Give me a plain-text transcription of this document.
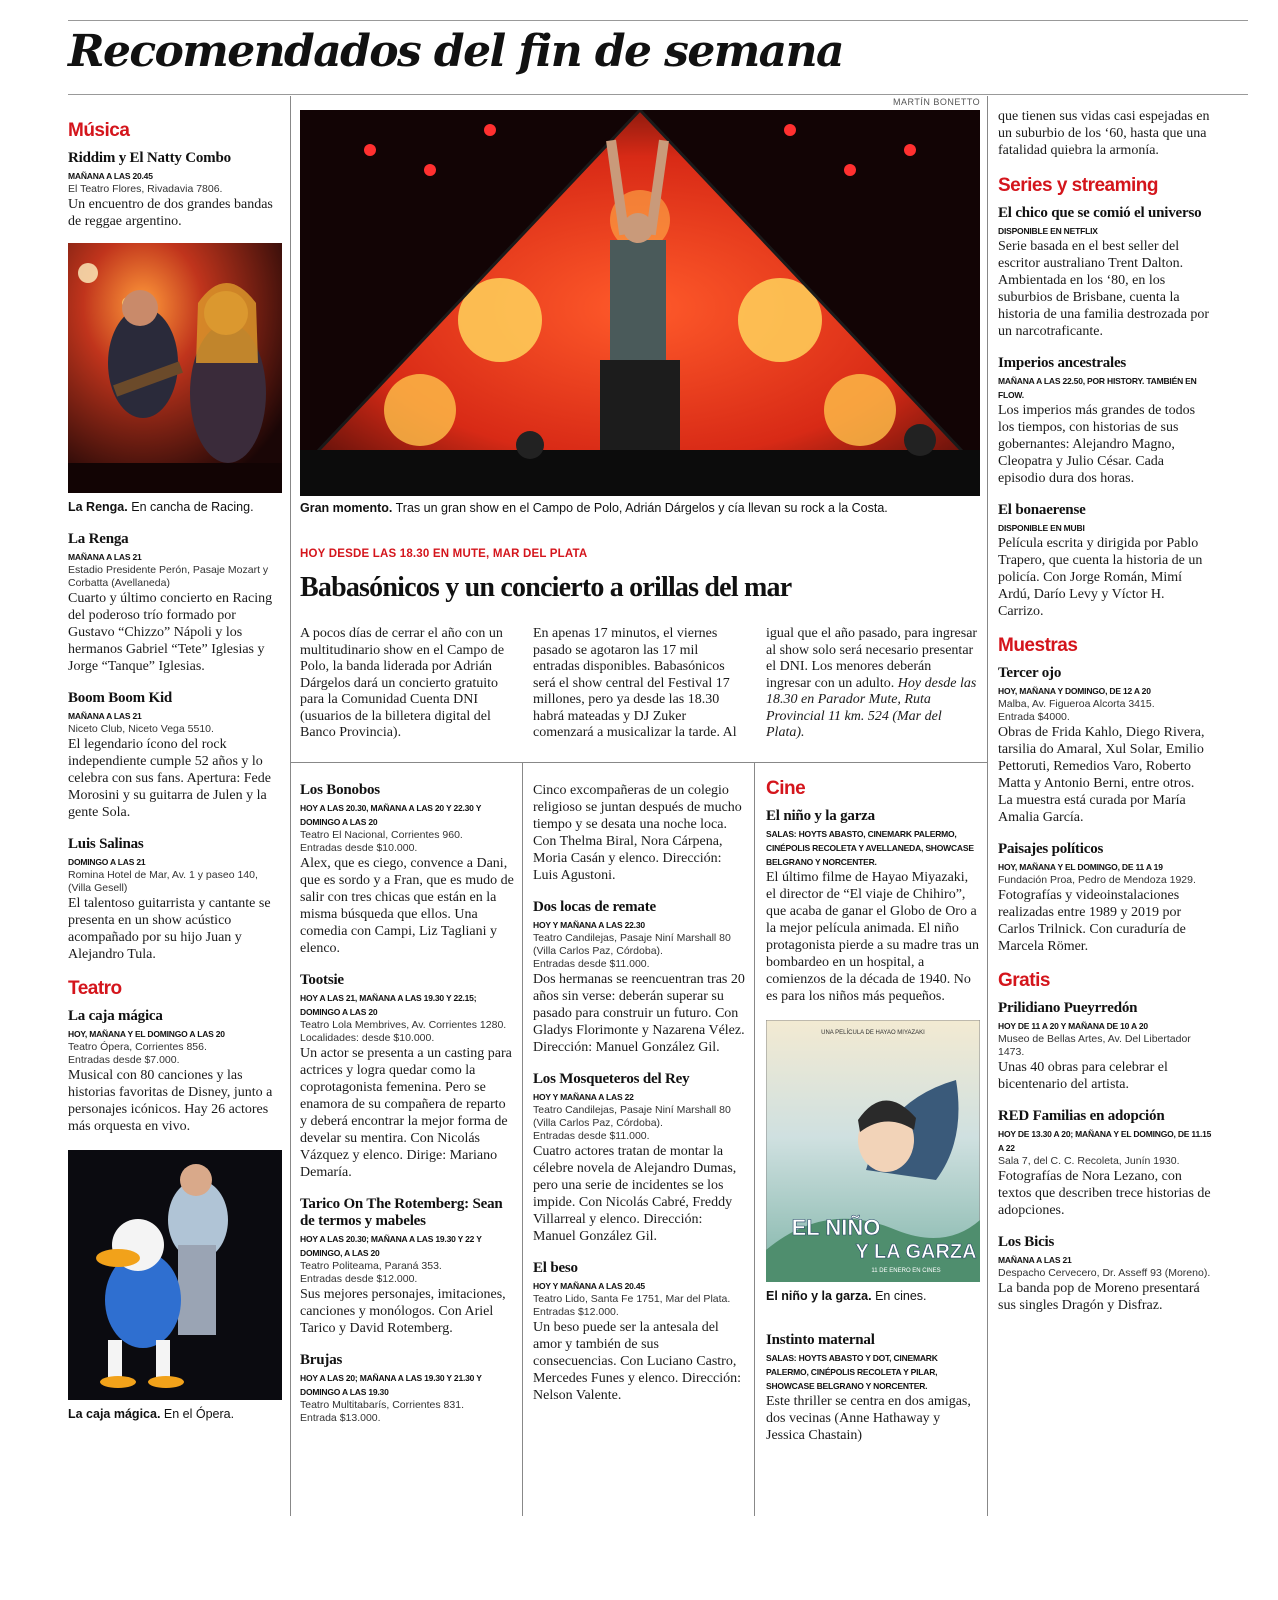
Recomendados del fin de semana
Música
Riddim y El Natty Combo
MAÑANA A LAS 20.45
El Teatro Flores, Rivadavia 7806.
Un encuentro de dos grandes bandas de reggae argentino.

La Renga. En cancha de Racing.

La Renga
MAÑANA A LAS 21
Estadio Presidente Perón, Pasaje Mozart y Corbatta (Avellaneda)
Cuarto y último concierto en Racing del poderoso trío formado por Gustavo “Chizzo” Nápoli y los hermanos Gabriel “Tete” Iglesias y Jorge “Tanque” Iglesias.
Boom Boom Kid
MAÑANA A LAS 21
Niceto Club, Niceto Vega 5510.
El legendario ícono del rock independiente cumple 52 años y lo celebra con sus fans. Apertura: Fede Morosini y su guitarra de Julen y la gente Sola.
Luis Salinas
DOMINGO A LAS 21
Romina Hotel de Mar, Av. 1 y paseo 140, (Villa Gesell)
El talentoso guitarrista y cantante se presenta en un show acústico acompañado por su hijo Juan y Alejandro Tula.
Teatro
La caja mágica
HOY, MAÑANA Y EL DOMINGO A LAS 20
Teatro Ópera, Corrientes 856.
Entradas desde $7.000.
Musical con 80 canciones y las historias favoritas de Disney, junto a personajes icónicos. Hay 26 actores más orquesta en vivo.

La caja mágica. En el Ópera.

MARTÍN BONETTO

Gran momento. Tras un gran show en el Campo de Polo, Adrián Dárgelos y cía llevan su rock a la Costa.

HOY DESDE LAS 18.30 EN MUTE, MAR DEL PLATA
Babasónicos y un concierto a orillas del mar
A pocos días de cerrar el año con un multitudinario show en el Campo de Polo, la banda liderada por Adrián Dárgelos dará un concierto gratuito para la Comunidad Cuenta DNI (usuarios de la billetera digital del Banco Provincia).
En apenas 17 minutos, el viernes pasado se agotaron las 17 mil entradas disponibles. Babasónicos será el show central del Festival 17 millones, pero ya desde las 18.30 habrá mateadas y DJ Zuker comenzará a musicalizar la tarde. Al
igual que el año pasado, para ingresar al show solo será necesario presentar el DNI. Los menores deberán ingresar con un adulto. Hoy desde las 18.30 en Parador Mute, Ruta Provincial 11 km. 524 (Mar del Plata).
Los Bonobos
HOY A LAS 20.30, MAÑANA A LAS 20 Y 22.30 Y DOMINGO A LAS 20
Teatro El Nacional, Corrientes 960.
Entradas desde $10.000.
Alex, que es ciego, convence a Dani, que es sordo y a Fran, que es mudo de salir con tres chicas que están en la misma búsqueda que ellos. Una comedia con Campi, Liz Tagliani y elenco.
Tootsie
HOY A LAS 21, MAÑANA A LAS 19.30 Y 22.15; DOMINGO A LAS 20
Teatro Lola Membrives, Av. Corrientes 1280. Localidades: desde $10.000.
Un actor se presenta a un casting para actrices y logra quedar como la coprotagonista femenina. Pero se enamora de su compañera de reparto y deberá encontrar la mejor forma de develar su mentira. Con Nicolás Vázquez y elenco. Dirige: Mariano Demaría.
Tarico On The Rotemberg: Sean de termos y mabeles
HOY A LAS 20.30; MAÑANA A LAS 19.30 Y 22 Y DOMINGO, A LAS 20
Teatro Politeama, Paraná 353.
Entradas desde $12.000.
Sus mejores personajes, imitaciones, canciones y monólogos. Con Ariel Tarico y David Rotemberg.
Brujas
HOY A LAS 20; MAÑANA A LAS 19.30 Y 21.30 Y DOMINGO A LAS 19.30
Teatro Multitabarís, Corrientes 831.
Entrada $13.000.
Cinco excompañeras de un colegio religioso se juntan después de mucho tiempo y se desata una noche loca. Con Thelma Biral, Nora Cárpena, Moria Casán y elenco. Dirección: Luis Agustoni.
Dos locas de remate
HOY Y MAÑANA A LAS 22.30
Teatro Candilejas, Pasaje Niní Marshall 80 (Villa Carlos Paz, Córdoba).
Entradas desde $11.000.
Dos hermanas se reencuentran tras 20 años sin verse: deberán superar su pasado para construir un futuro. Con Gladys Florimonte y Nazarena Vélez. Dirección: Manuel González Gil.
Los Mosqueteros del Rey
HOY Y MAÑANA A LAS 22
Teatro Candilejas, Pasaje Niní Marshall 80 (Villa Carlos Paz, Córdoba).
Entradas desde $11.000.
Cuatro actores tratan de montar la célebre novela de Alejandro Dumas, pero una serie de incidentes se los impide. Con Nicolás Cabré, Freddy Villarreal y elenco. Dirección: Manuel González Gil.
El beso
HOY Y MAÑANA A LAS 20.45
Teatro Lido, Santa Fe 1751, Mar del Plata.
Entradas $12.000.
Un beso puede ser la antesala del amor y también de sus consecuencias. Con Luciano Castro, Mercedes Funes y elenco. Dirección: Nelson Valente.
Cine
El niño y la garza
SALAS: HOYTS ABASTO, CINEMARK PALERMO, CINÉPOLIS RECOLETA Y AVELLANEDA, SHOWCASE BELGRANO Y NORCENTER.
El último filme de Hayao Miyazaki, el director de “El viaje de Chihiro”, que acaba de ganar el Globo de Oro a la mejor película animada. El niño protagonista pierde a su madre tras un bombardeo en un hospital, a comienzos de la década de 1940. No es para los niños más pequeños.
UNA PELÍCULA DE HAYAO MIYAZAKI
EL NIÑO
Y LA GARZA
11 DE ENERO EN CINES

El niño y la garza. En cines.

Instinto maternal
SALAS: HOYTS ABASTO Y DOT, CINEMARK PALERMO, CINÉPOLIS RECOLETA Y PILAR, SHOWCASE BELGRANO Y NORCENTER.
Este thriller se centra en dos amigas, dos vecinas (Anne Hathaway y Jessica Chastain)
que tienen sus vidas casi espejadas en un suburbio de los ‘60, hasta que una fatalidad quiebra la armonía.
Series y streaming
El chico que se comió el universo
DISPONIBLE EN NETFLIX
Serie basada en el best seller del escritor australiano Trent Dalton. Ambientada en los ‘80, en los suburbios de Brisbane, cuenta la historia de una familia destrozada por un narcotraficante.
Imperios ancestrales
MAÑANA A LAS 22.50, POR HISTORY. TAMBIÉN EN FLOW.
Los imperios más grandes de todos los tiempos, con historias de sus gobernantes: Alejandro Magno, Cleopatra y Julio César. Cada episodio dura dos horas.
El bonaerense
DISPONIBLE EN MUBI
Película escrita y dirigida por Pablo Trapero, que cuenta la historia de un policía. Con Jorge Román, Mimí Ardú, Darío Levy y Víctor H. Carrizo.
Muestras
Tercer ojo
HOY, MAÑANA Y DOMINGO, DE 12 A 20
Malba, Av. Figueroa Alcorta 3415.
Entrada $4000.
Obras de Frida Kahlo, Diego Rivera, tarsilia do Amaral, Xul Solar, Emilio Pettoruti, Remedios Varo, Roberto Matta y Antonio Berni, entre otros. La muestra está curada por María Amalia García.
Paisajes políticos
HOY, MAÑANA Y EL DOMINGO, DE 11 A 19
Fundación Proa, Pedro de Mendoza 1929.
Fotografías y videoinstalaciones realizadas entre 1989 y 2019 por Carlos Trilnick. Con curaduría de Marcela Römer.
Gratis
Prilidiano Pueyrredón
HOY DE 11 A 20 Y MAÑANA DE 10 A 20
Museo de Bellas Artes, Av. Del Libertador 1473.
Unas 40 obras para celebrar el bicentenario del artista.
RED Familias en adopción
HOY DE 13.30 A 20; MAÑANA Y EL DOMINGO, DE 11.15 A 22
Sala 7, del C. C. Recoleta, Junín 1930.
Fotografías de Nora Lezano, con textos que describen trece historias de adopciones.
Los Bicis
MAÑANA A LAS 21
Despacho Cervecero, Dr. Asseff 93 (Moreno).
La banda pop de Moreno presentará sus singles Dragón y Disfraz.
